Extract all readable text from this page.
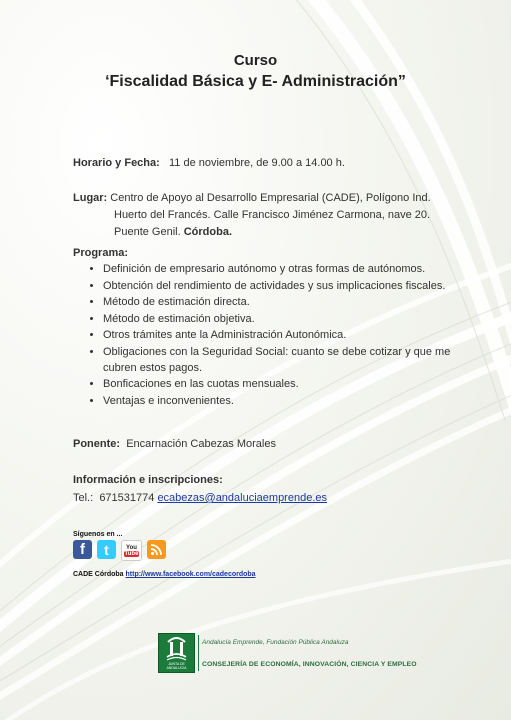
Curso
‘Fiscalidad Básica y E- Administración”
Horario y Fecha: 11 de noviembre, de 9.00 a 14.00 h.
Lugar: Centro de Apoyo al Desarrollo Empresarial (CADE), Polígono Ind.
Huerto del Francés. Calle Francisco Jiménez Carmona, nave 20.
Puente Genil. Córdoba.
Programa:
• Definición de empresario autónomo y otras formas de autónomos.
• Obtención del rendimiento de actividades y sus implicaciones fiscales.
• Método de estimación directa.
• Método de estimación objetiva.
• Otros trámites ante la Administración Autonómica.
• Obligaciones con la Seguridad Social: cuanto se debe cotizar y que me cubren estos pagos.
• Bonficaciones en las cuotas mensuales.
• Ventajas e inconvenientes.
Ponente: Encarnación Cabezas Morales
Información e inscripciones:
Tel.: 671531774 ecabezas@andaluciaemprende.es
Síguenos en ...
f	t	You
Tube
CADE Córdoba http://www.facebook.com/cadecordoba
JUNTA DE ANDALUCIA
Andalucía Emprende, Fundación Pública Andaluza
CONSEJERÍA DE ECONOMÍA, INNOVACIÓN, CIENCIA Y EMPLEO
